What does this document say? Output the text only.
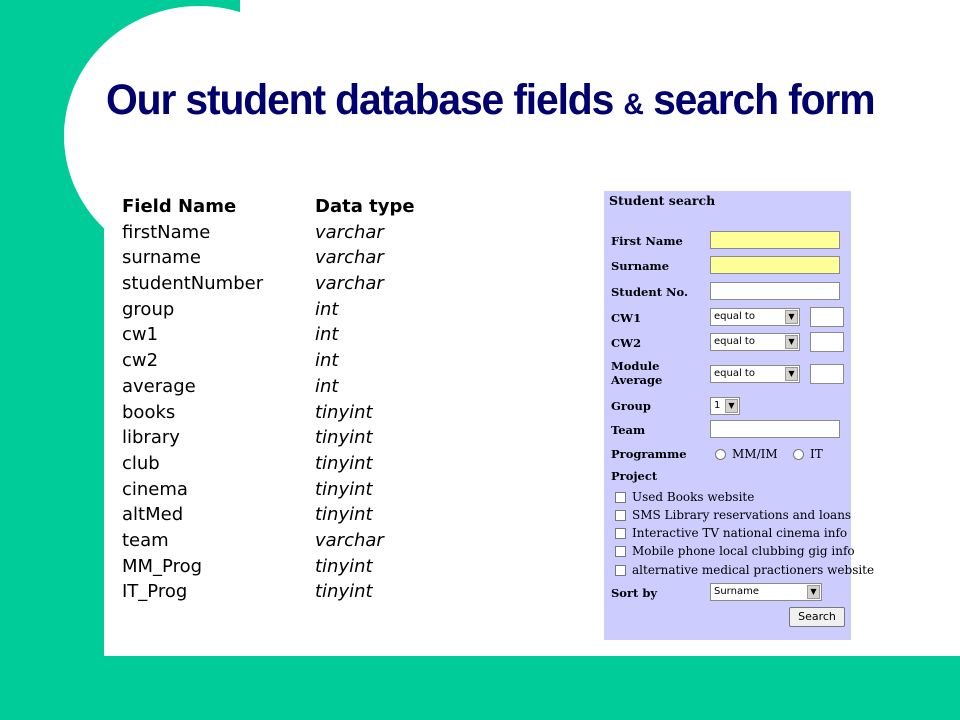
Our student database fields & search form
Field Name	Data type
firstName	varchar
surname	varchar
studentNumber	varchar
group	int
cw1	int
cw2	int
average	int
books	tinyint
library	tinyint
club	tinyint
cinema	tinyint
altMed	tinyint
team	varchar
MM_Prog	tinyint
IT_Prog	tinyint
Student search
First Name
Surname
Student No.
CW1	equal to	▼
CW2	equal to	▼
Module
Average	equal to	▼
Group	1	▼
Team
Programme	MM/IM	IT
Project
Used Books website
SMS Library reservations and loans
Interactive TV national cinema info
Mobile phone local clubbing gig info
alternative medical practioners website
Sort by	Surname	▼
Search
